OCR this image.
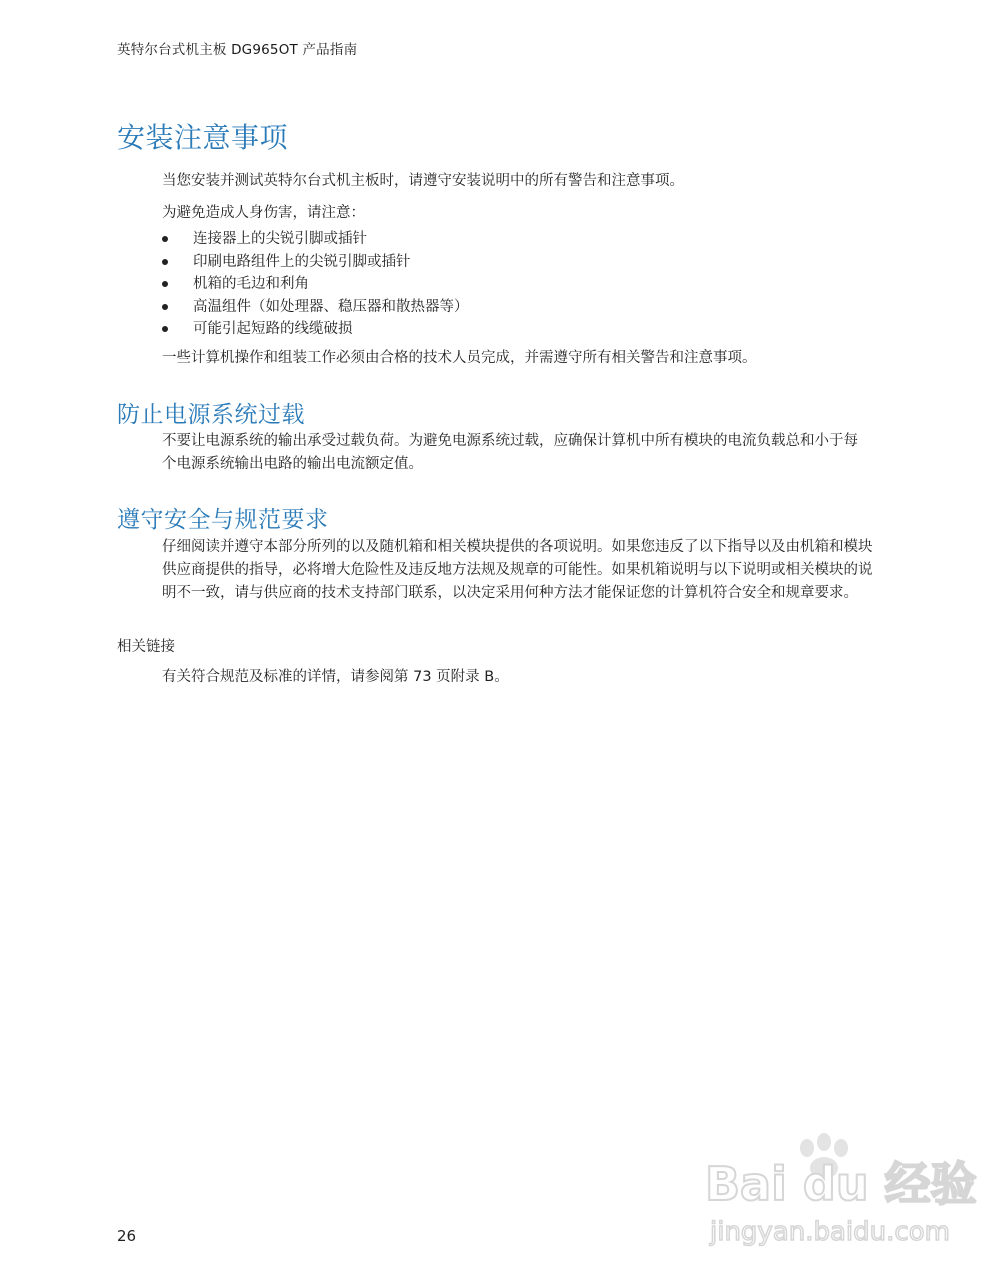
英特尔台式机主板 DG965OT 产品指南
安装注意事项

当您安装并测试英特尔台式机主板时，请遵守安装说明中的所有警告和注意事项。

为避免造成人身伤害，请注意：

连接器上的尖锐引脚或插针
印刷电路组件上的尖锐引脚或插针
机箱的毛边和利角
高温组件（如处理器、稳压器和散热器等）
可能引起短路的线缆破损

一些计算机操作和组装工作必须由合格的技术人员完成，并需遵守所有相关警告和注意事项。

防止电源系统过载

不要让电源系统的输出承受过载负荷。为避免电源系统过载，应确保计算机中所有模块的电流负载总和小于每个电源系统输出电路的输出电流额定值。

遵守安全与规范要求

仔细阅读并遵守本部分所列的以及随机箱和相关模块提供的各项说明。如果您违反了以下指导以及由机箱和模块供应商提供的指导，必将增大危险性及违反地方法规及规章的可能性。如果机箱说明与以下说明或相关模块的说明不一致，请与供应商的技术支持部门联系，以决定采用何种方法才能保证您的计算机符合安全和规章要求。

相关链接

有关符合规范及标准的详情，请参阅第 73 页附录 B。

26
Bai du 经验
jingyan.baidu.com
